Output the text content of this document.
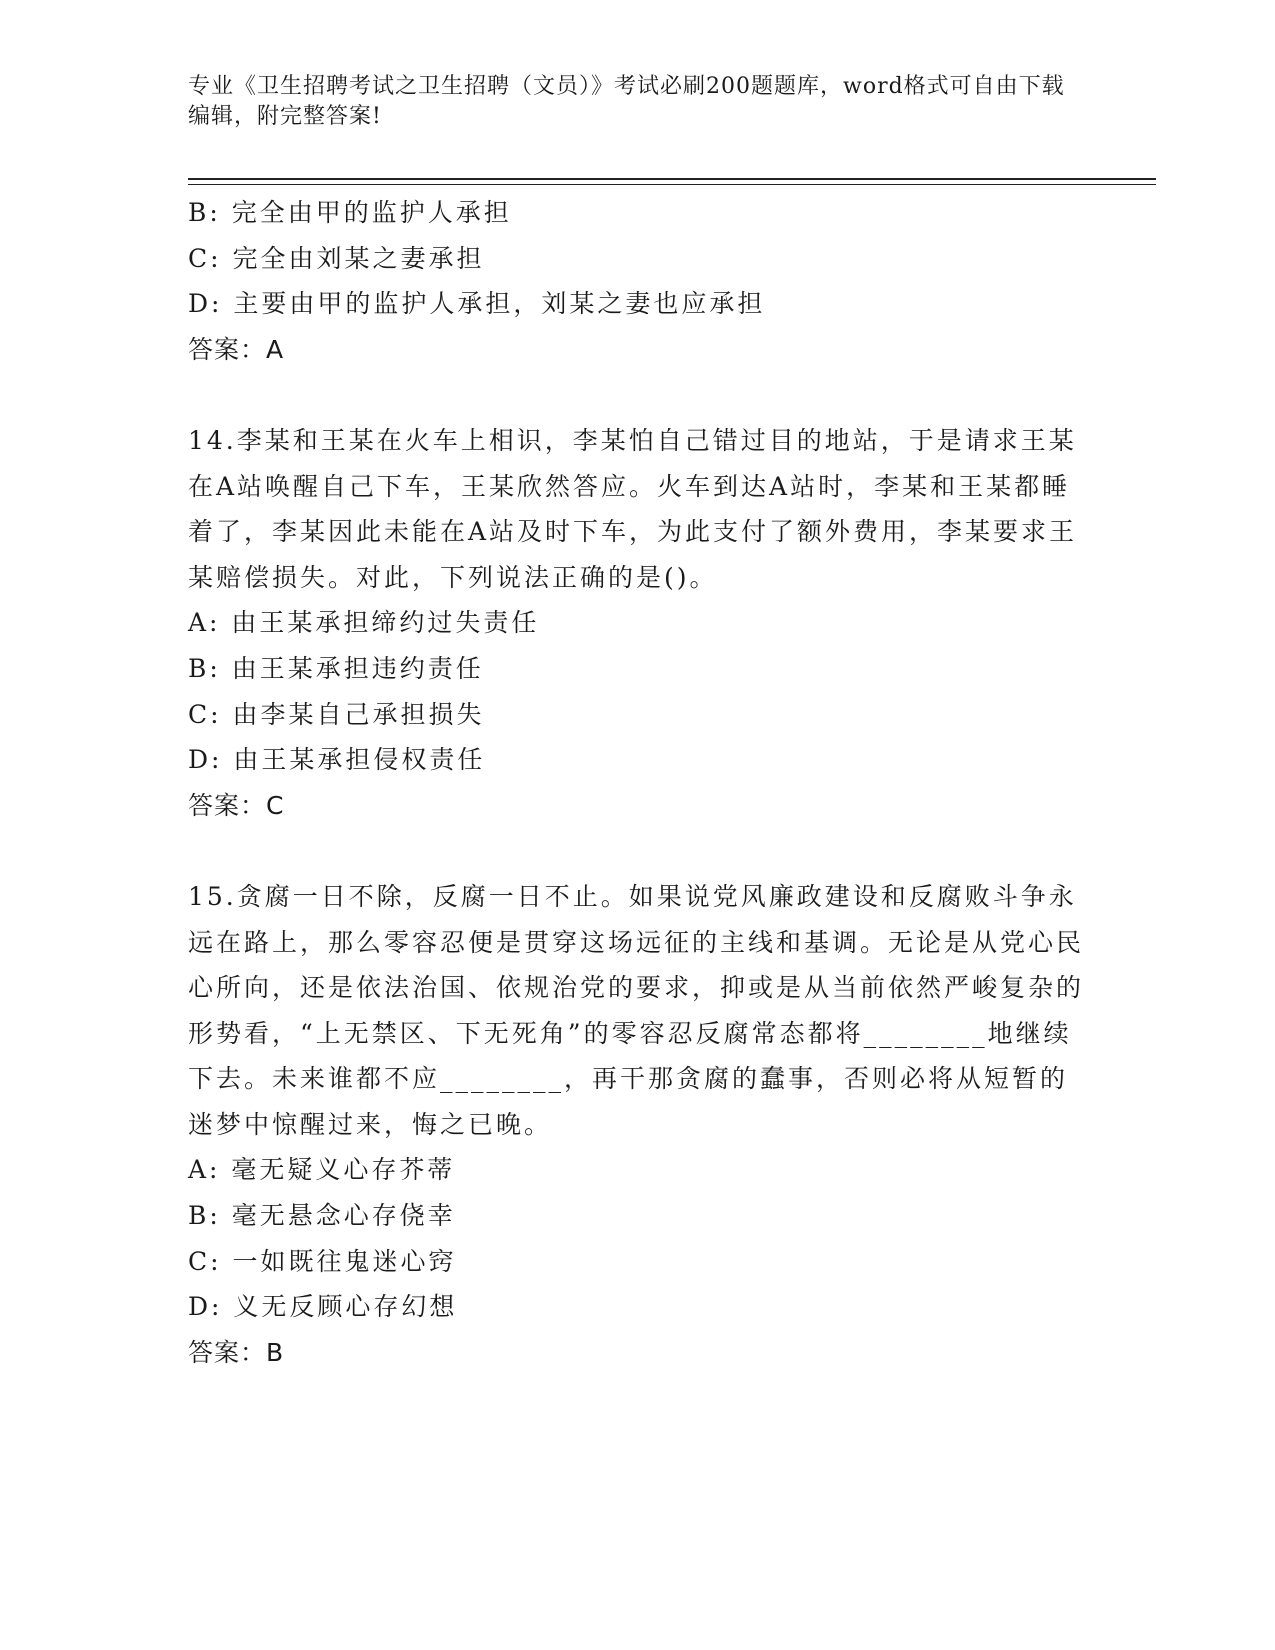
专业《卫生招聘考试之卫生招聘（文员）》考试必刷200题题库，word格式可自由下载编辑，附完整答案!

B: 完全由甲的监护人承担

C: 完全由刘某之妻承担

D: 主要由甲的监护人承担，刘某之妻也应承担

答案：A

14.李某和王某在火车上相识，李某怕自己错过目的地站，于是请求王某在A站唤醒自己下车，王某欣然答应。火车到达A站时，李某和王某都睡着了，李某因此未能在A站及时下车，为此支付了额外费用，李某要求王某赔偿损失。对此，下列说法正确的是()。

A: 由王某承担缔约过失责任

B: 由王某承担违约责任

C: 由李某自己承担损失

D: 由王某承担侵权责任

答案：C

15.贪腐一日不除，反腐一日不止。如果说党风廉政建设和反腐败斗争永远在路上，那么零容忍便是贯穿这场远征的主线和基调。无论是从党心民心所向，还是依法治国、依规治党的要求，抑或是从当前依然严峻复杂的形势看，“上无禁区、下无死角”的零容忍反腐常态都将________地继续下去。未来谁都不应________，再干那贪腐的蠢事，否则必将从短暂的迷梦中惊醒过来，悔之已晚。

A: 毫无疑义心存芥蒂

B: 毫无悬念心存侥幸

C: 一如既往鬼迷心窍

D: 义无反顾心存幻想

答案：B
